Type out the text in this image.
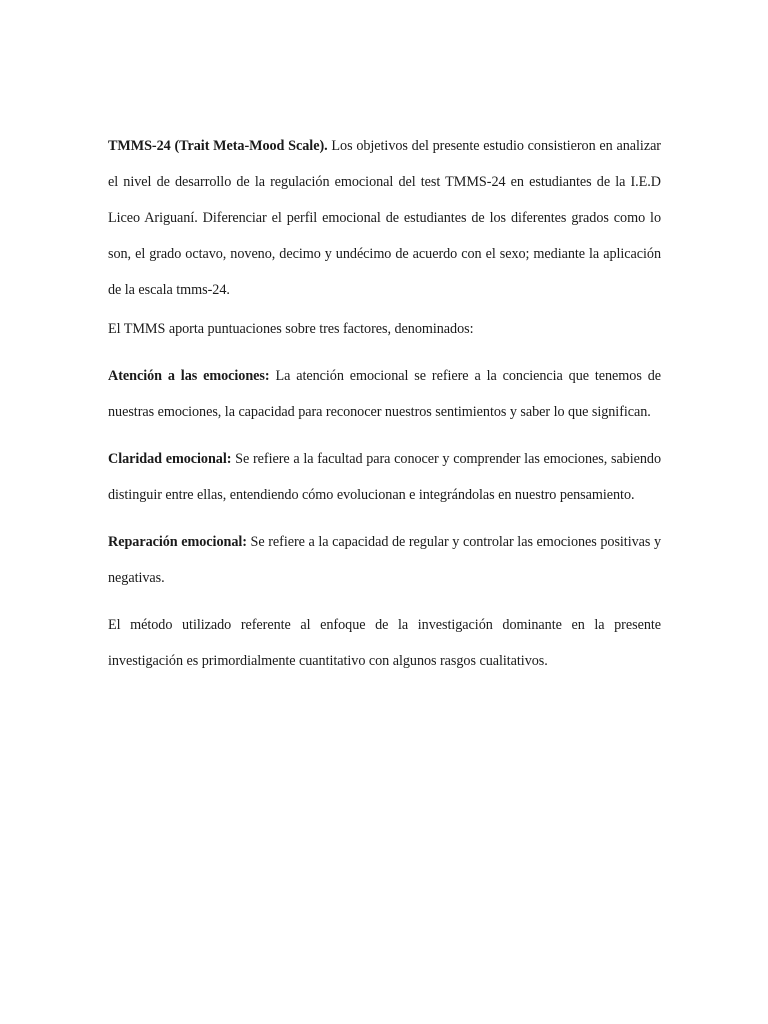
TMMS-24 (Trait Meta-Mood Scale). Los objetivos del presente estudio consistieron en analizar el nivel de desarrollo de la regulación emocional del test TMMS-24 en estudiantes de la I.E.D Liceo Ariguaní. Diferenciar el perfil emocional de estudiantes de los diferentes grados como lo son, el grado octavo, noveno, decimo y undécimo de acuerdo con el sexo; mediante la aplicación de la escala tmms-24.

El TMMS aporta puntuaciones sobre tres factores, denominados:

Atención a las emociones: La atención emocional se refiere a la conciencia que tenemos de nuestras emociones, la capacidad para reconocer nuestros sentimientos y saber lo que significan.

Claridad emocional: Se refiere a la facultad para conocer y comprender las emociones, sabiendo distinguir entre ellas, entendiendo cómo evolucionan e integrándolas en nuestro pensamiento.

Reparación emocional: Se refiere a la capacidad de regular y controlar las emociones positivas y negativas.

El método utilizado referente al enfoque de la investigación dominante en la presente investigación es primordialmente cuantitativo con algunos rasgos cualitativos.
